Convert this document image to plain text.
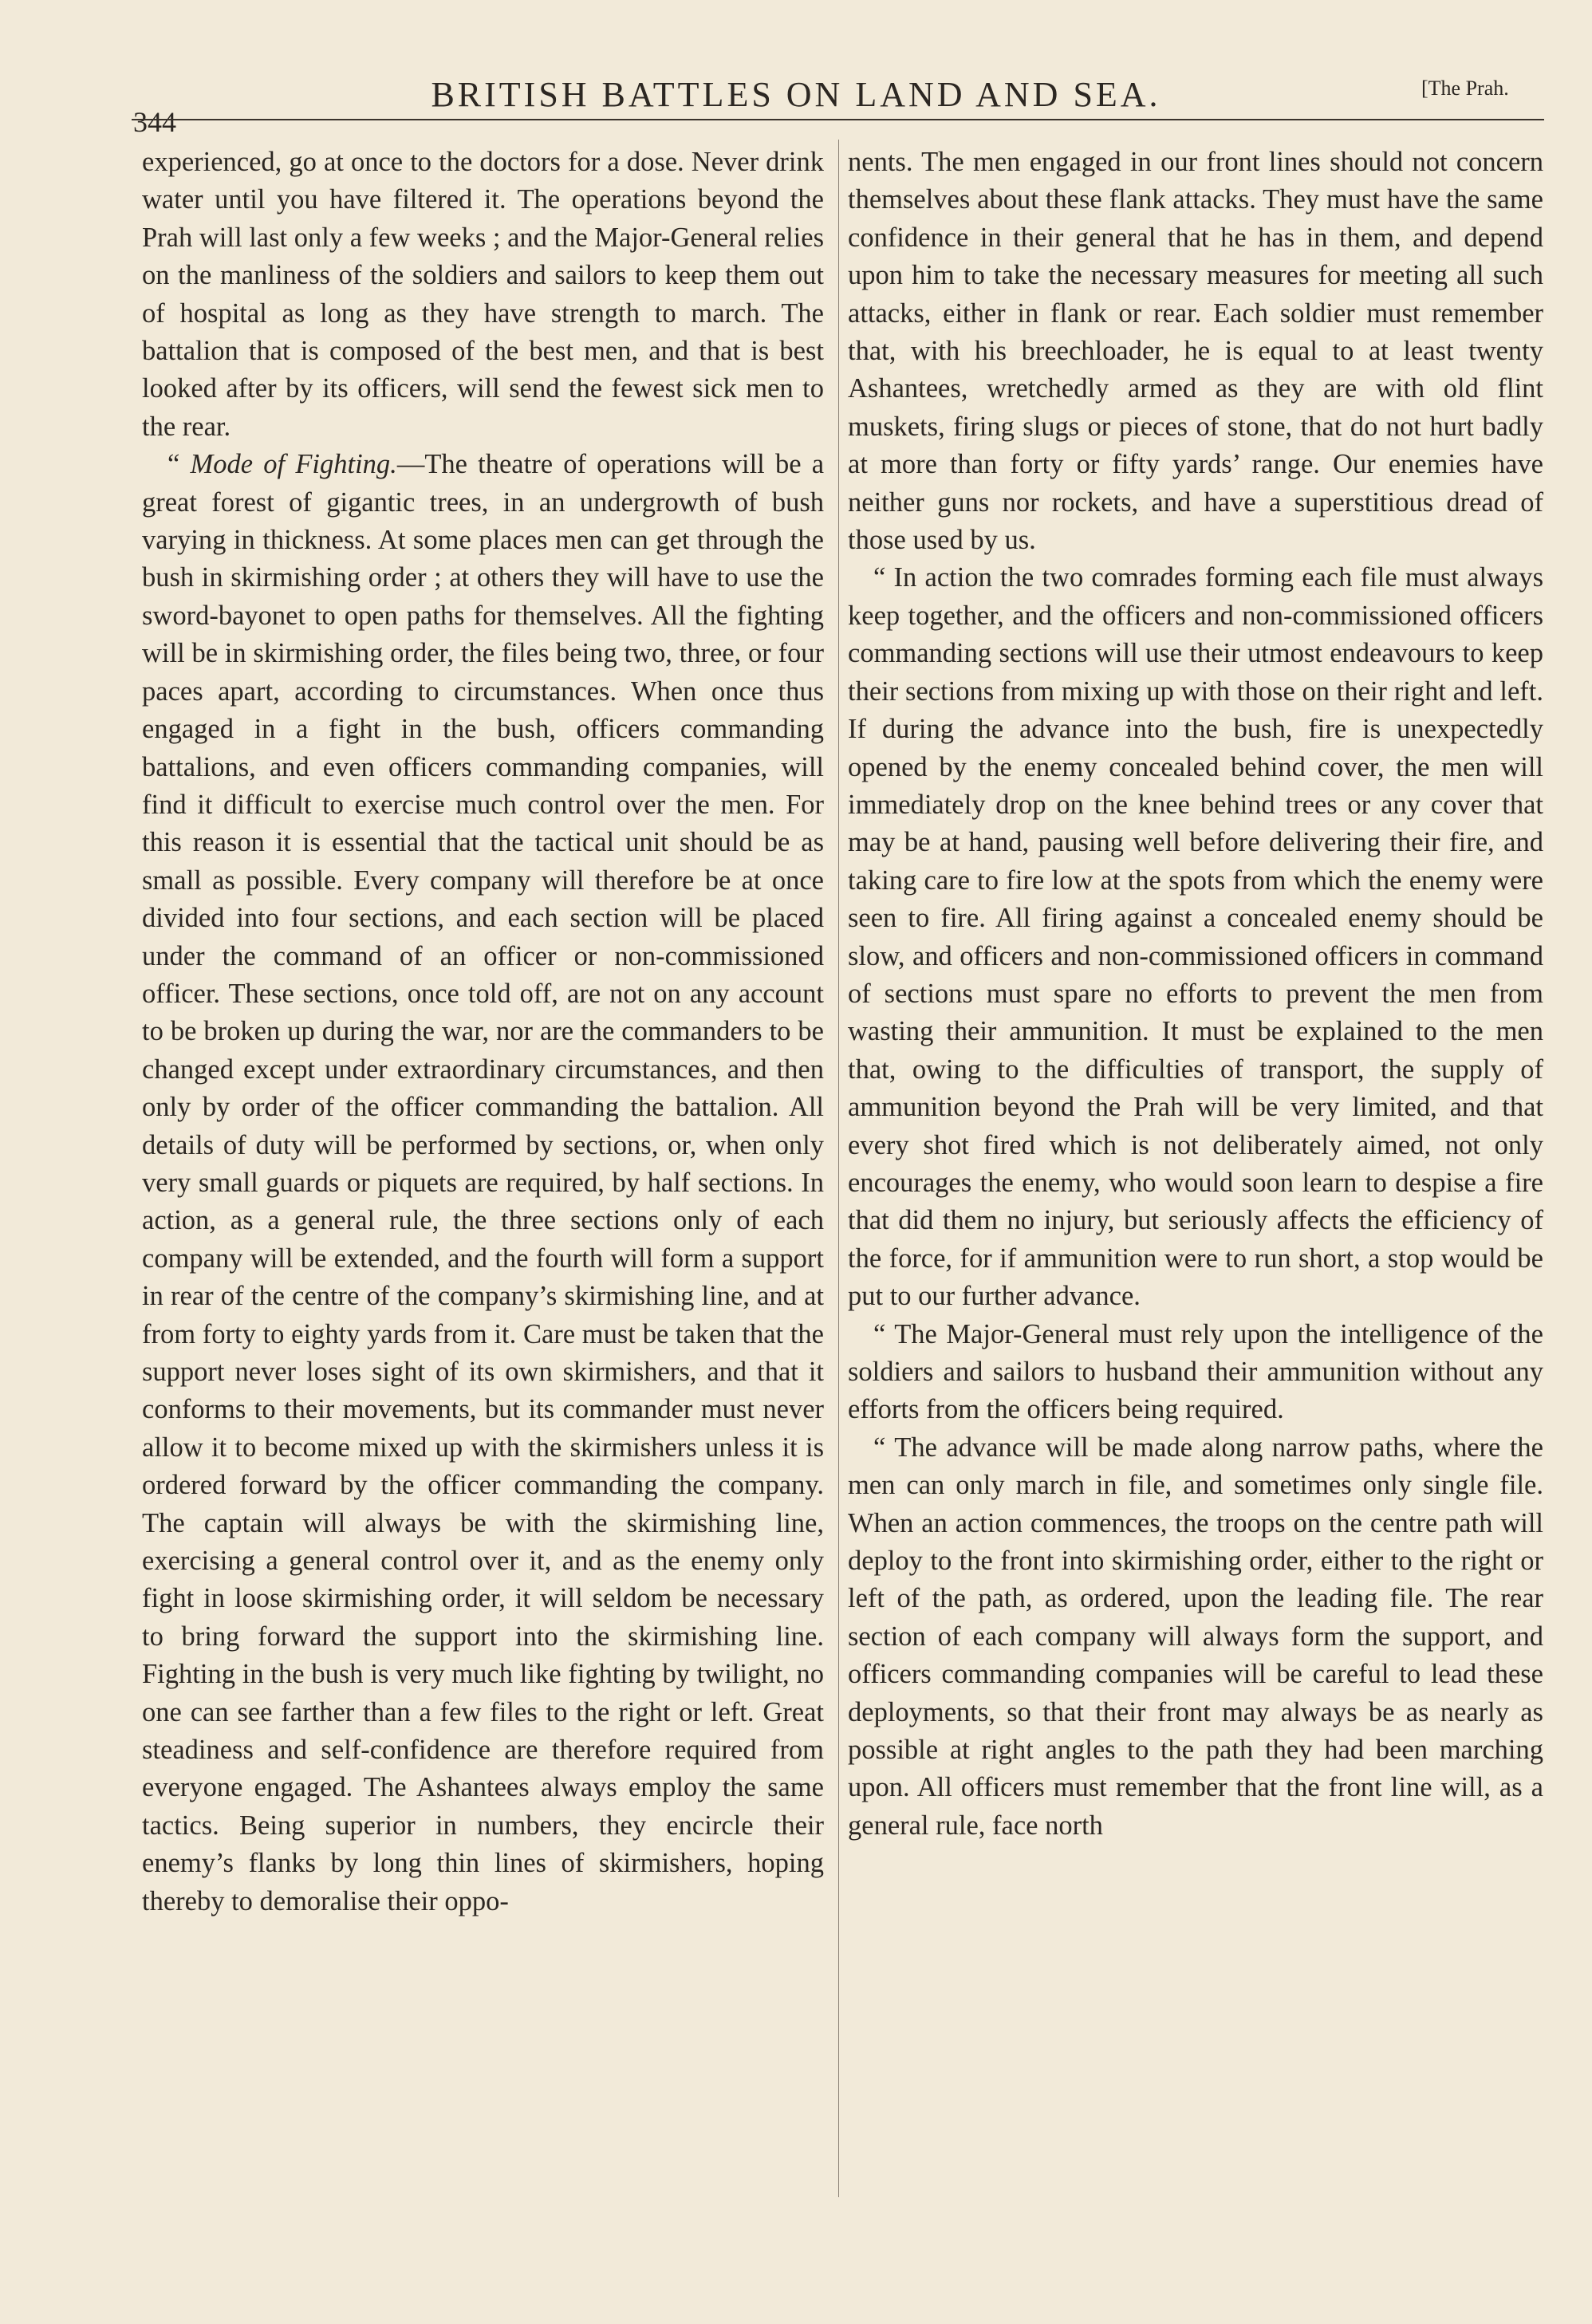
344
BRITISH BATTLES ON LAND AND SEA.	[The Prah.

experienced, go at once to the doctors for a dose. Never drink water until you have filtered it. The operations beyond the Prah will last only a few weeks ; and the Major-General relies on the manliness of the soldiers and sailors to keep them out of hospital as long as they have strength to march. The battalion that is composed of the best men, and that is best looked after by its officers, will send the fewest sick men to the rear.

“ Mode of Fighting.—The theatre of operations will be a great forest of gigantic trees, in an undergrowth of bush varying in thickness. At some places men can get through the bush in skirmishing order ; at others they will have to use the sword-bayonet to open paths for themselves. All the fighting will be in skirmishing order, the files being two, three, or four paces apart, according to circumstances. When once thus engaged in a fight in the bush, officers commanding battalions, and even officers commanding companies, will find it difficult to exercise much control over the men. For this reason it is essential that the tactical unit should be as small as possible. Every company will therefore be at once divided into four sections, and each section will be placed under the command of an officer or non-commissioned officer. These sections, once told off, are not on any account to be broken up during the war, nor are the commanders to be changed except under extraordinary circumstances, and then only by order of the officer commanding the battalion. All details of duty will be performed by sections, or, when only very small guards or piquets are required, by half sections. In action, as a general rule, the three sections only of each company will be extended, and the fourth will form a support in rear of the centre of the company’s skirmishing line, and at from forty to eighty yards from it. Care must be taken that the support never loses sight of its own skirmishers, and that it conforms to their movements, but its commander must never allow it to become mixed up with the skirmishers unless it is ordered forward by the officer commanding the company. The captain will always be with the skirmishing line, exercising a general control over it, and as the enemy only fight in loose skirmishing order, it will seldom be necessary to bring forward the support into the skirmishing line. Fighting in the bush is very much like fighting by twilight, no one can see farther than a few files to the right or left. Great steadiness and self-confidence are therefore required from everyone engaged. The Ashantees always employ the same tactics. Being superior in numbers, they encircle their enemy’s flanks by long thin lines of skirmishers, hoping thereby to demoralise their oppo-

nents. The men engaged in our front lines should not concern themselves about these flank attacks. They must have the same confidence in their general that he has in them, and depend upon him to take the necessary measures for meeting all such attacks, either in flank or rear. Each soldier must remember that, with his breechloader, he is equal to at least twenty Ashantees, wretchedly armed as they are with old flint muskets, firing slugs or pieces of stone, that do not hurt badly at more than forty or fifty yards’ range. Our enemies have neither guns nor rockets, and have a superstitious dread of those used by us.

“ In action the two comrades forming each file must always keep together, and the officers and non-commissioned officers commanding sections will use their utmost endeavours to keep their sections from mixing up with those on their right and left. If during the advance into the bush, fire is unexpectedly opened by the enemy concealed behind cover, the men will immediately drop on the knee behind trees or any cover that may be at hand, pausing well before delivering their fire, and taking care to fire low at the spots from which the enemy were seen to fire. All firing against a concealed enemy should be slow, and officers and non-commissioned officers in command of sections must spare no efforts to prevent the men from wasting their ammunition. It must be explained to the men that, owing to the difficulties of transport, the supply of ammunition beyond the Prah will be very limited, and that every shot fired which is not deliberately aimed, not only encourages the enemy, who would soon learn to despise a fire that did them no injury, but seriously affects the efficiency of the force, for if ammunition were to run short, a stop would be put to our further advance.

“ The Major-General must rely upon the intelligence of the soldiers and sailors to husband their ammunition without any efforts from the officers being required.

“ The advance will be made along narrow paths, where the men can only march in file, and sometimes only single file. When an action commences, the troops on the centre path will deploy to the front into skirmishing order, either to the right or left of the path, as ordered, upon the leading file. The rear section of each company will always form the support, and officers commanding companies will be careful to lead these deployments, so that their front may always be as nearly as possible at right angles to the path they had been marching upon. All officers must remember that the front line will, as a general rule, face north
